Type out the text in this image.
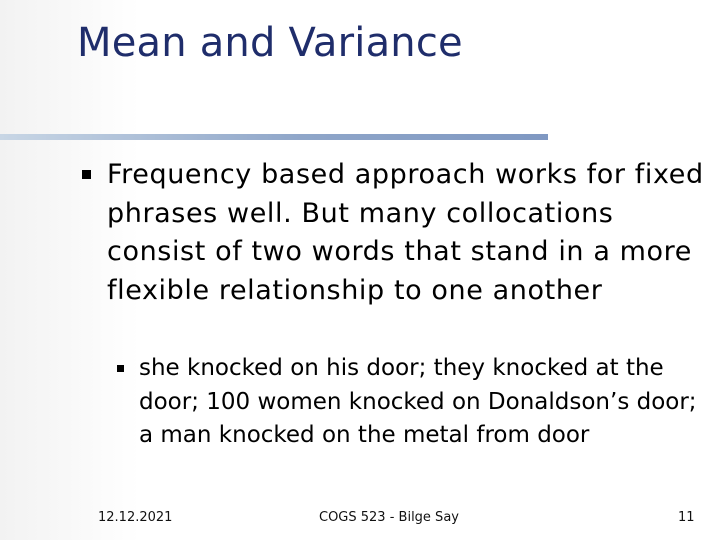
Mean and Variance
Frequency based approach works for fixed phrases well. But many collocations consist of two words that stand in a more flexible relationship to one another
she knocked on his door; they knocked at the door; 100 women knocked on Donaldson’s door; a man knocked on the metal from door
12.12.2021	COGS 523 - Bilge Say	11
